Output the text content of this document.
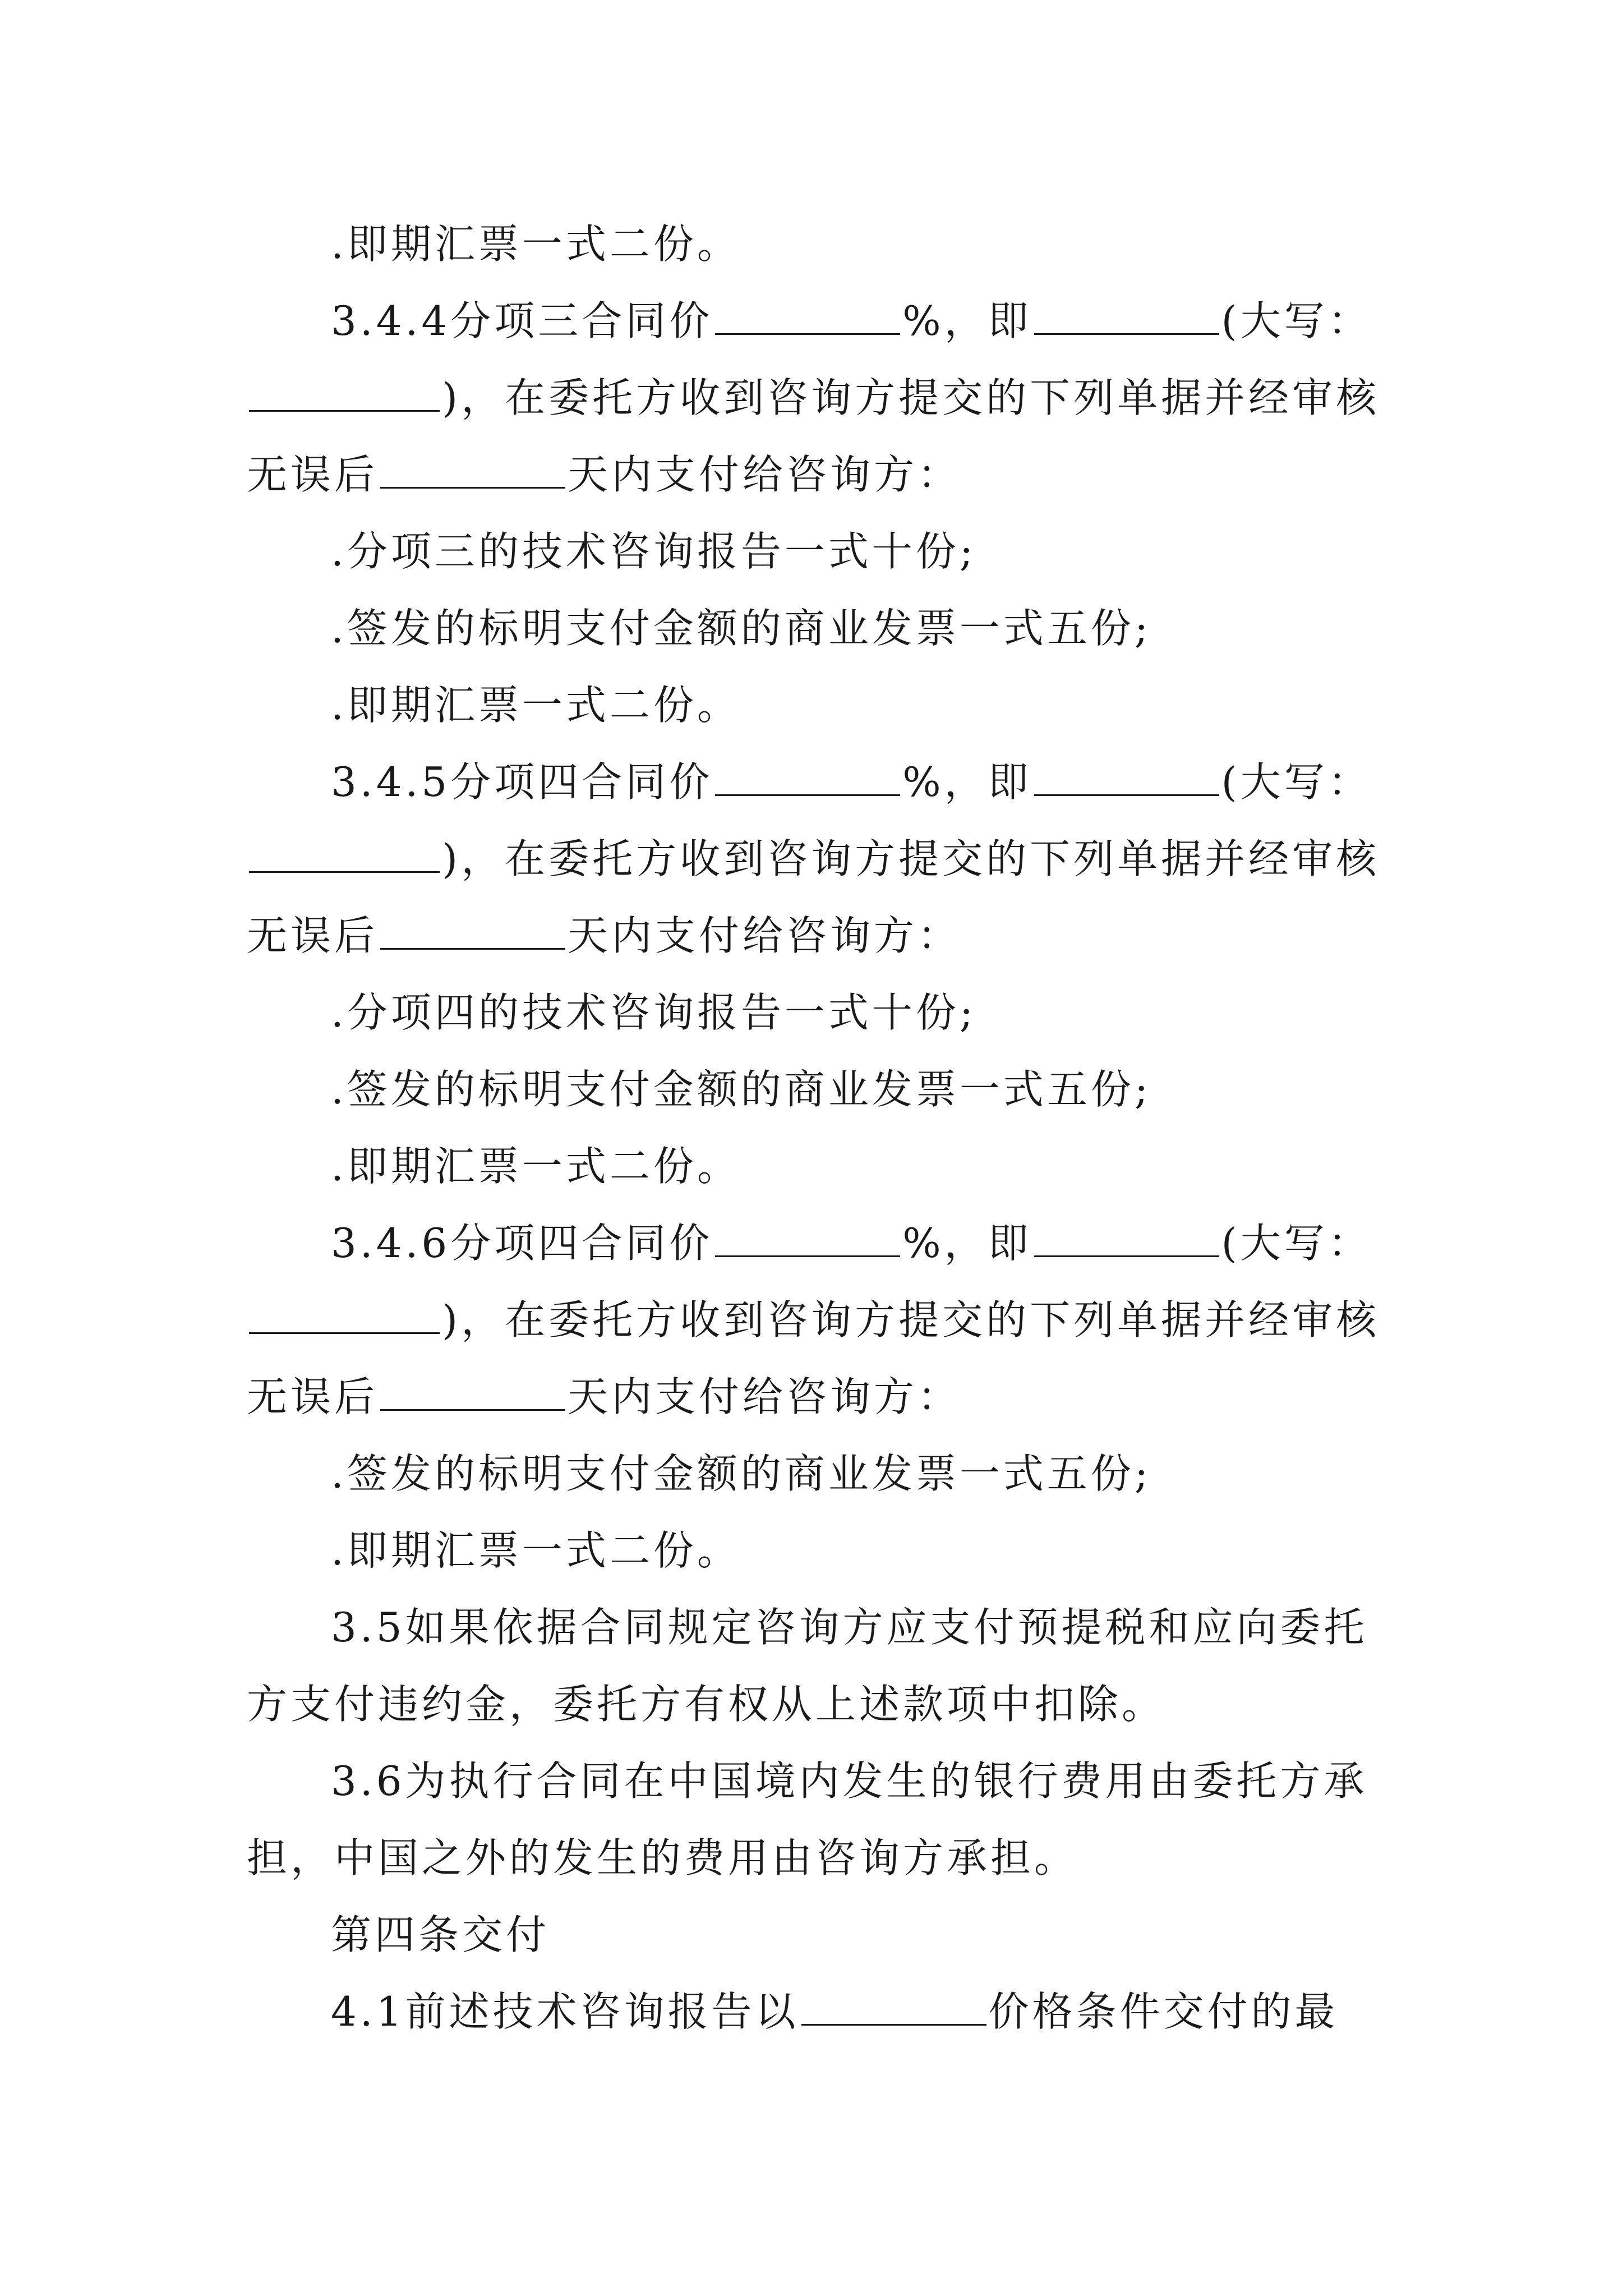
.即期汇票一式二份。
3.4.4分项三合同价	%，即	(大写：
)，在委托方收到咨询方提交的下列单据并经审核
无误后	天内支付给咨询方：
.分项三的技术咨询报告一式十份;
.签发的标明支付金额的商业发票一式五份;
.即期汇票一式二份。
3.4.5分项四合同价	%，即	(大写：
)，在委托方收到咨询方提交的下列单据并经审核
无误后	天内支付给咨询方：
.分项四的技术咨询报告一式十份;
.签发的标明支付金额的商业发票一式五份;
.即期汇票一式二份。
3.4.6分项四合同价	%，即	(大写：
)，在委托方收到咨询方提交的下列单据并经审核
无误后	天内支付给咨询方：
.签发的标明支付金额的商业发票一式五份;
.即期汇票一式二份。
3.5如果依据合同规定咨询方应支付预提税和应向委托
方支付违约金，委托方有权从上述款项中扣除。
3.6为执行合同在中国境内发生的银行费用由委托方承
担，中国之外的发生的费用由咨询方承担。
第四条交付
4.1前述技术咨询报告以	价格条件交付的最
